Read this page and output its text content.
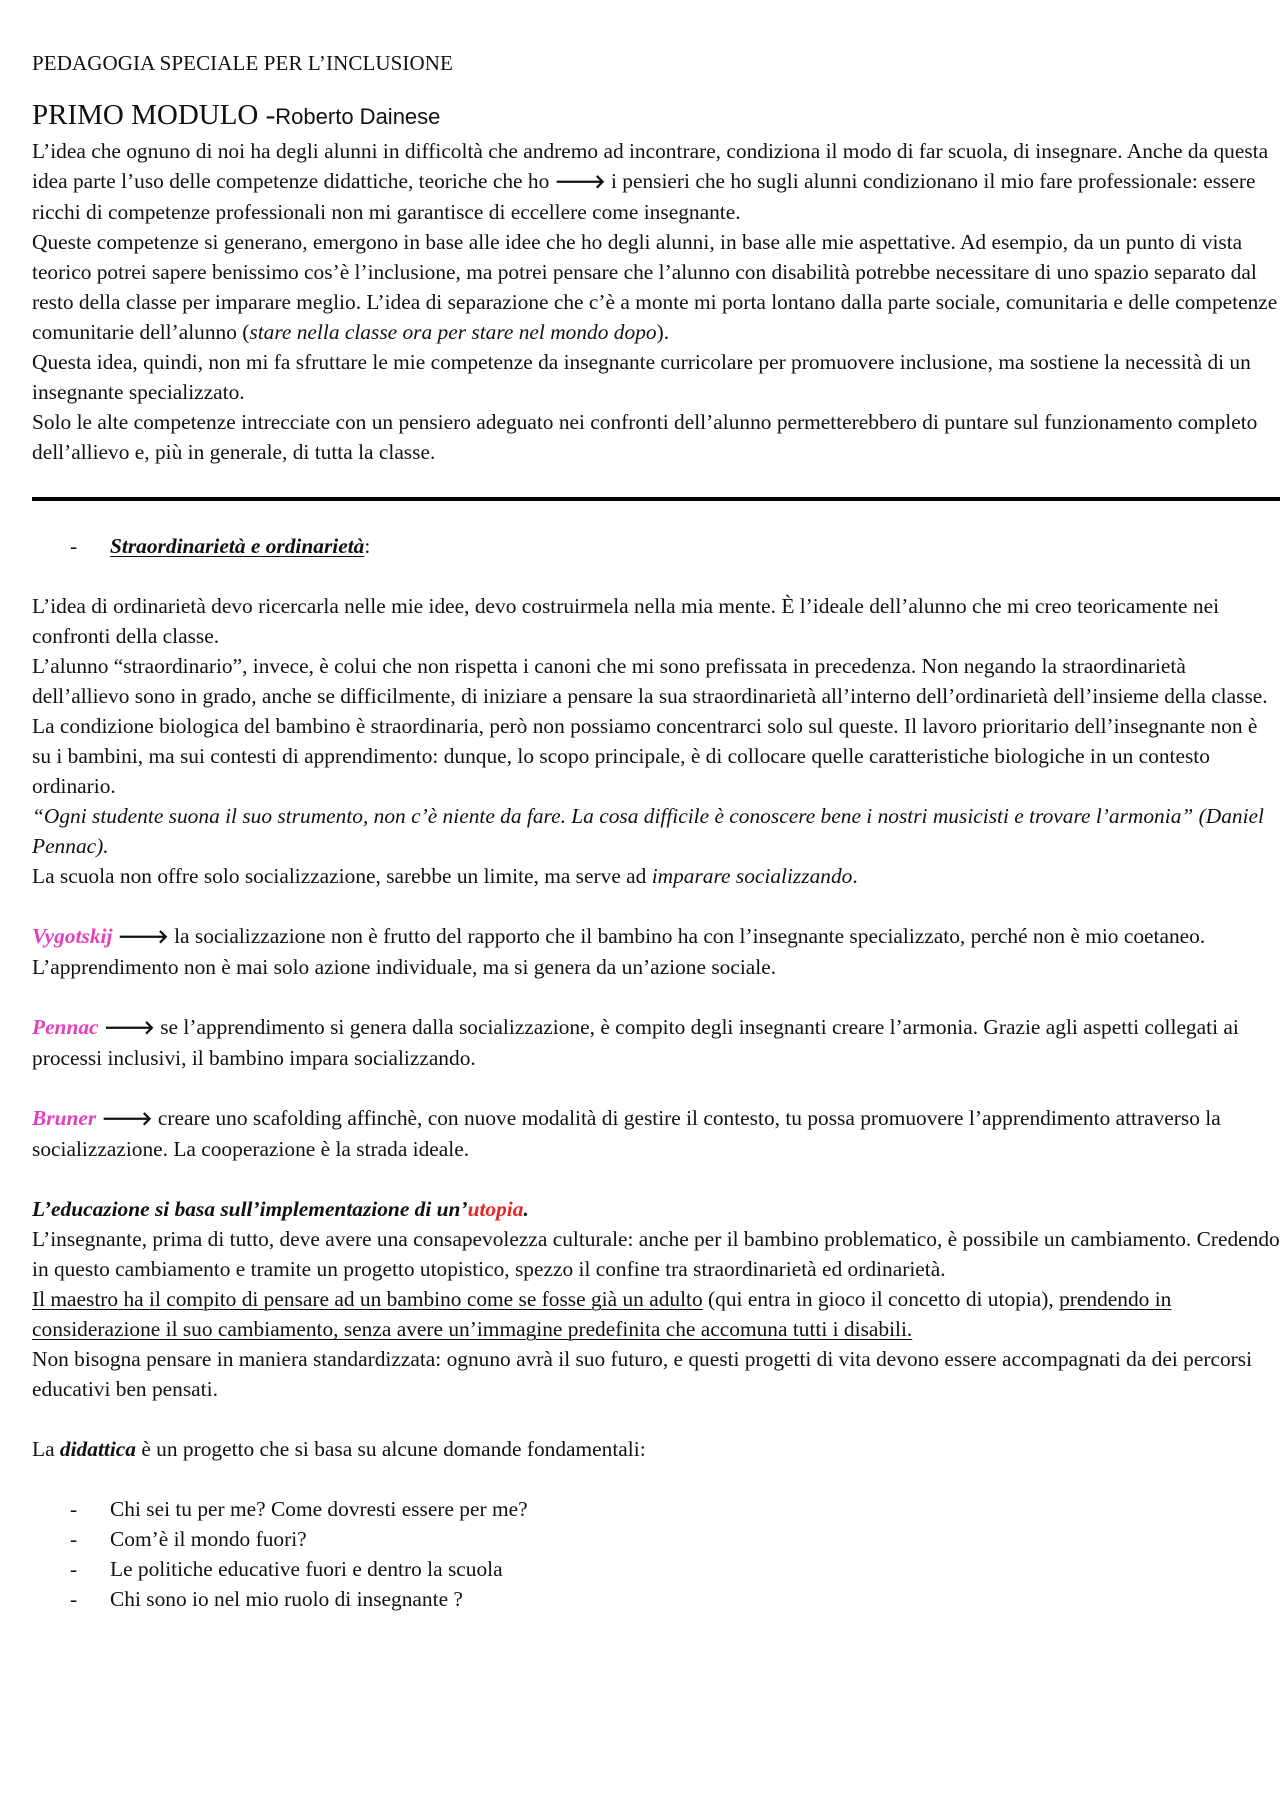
PEDAGOGIA SPECIALE PER L’INCLUSIONE

PRIMO MODULO -Roberto Dainese

L’idea che ognuno di noi ha degli alunni in difficoltà che andremo ad incontrare, condiziona il modo di far scuola, di insegnare. Anche da questa idea parte l’uso delle competenze didattiche, teoriche che ho 🡒 i pensieri che ho sugli alunni condizionano il mio fare professionale: essere ricchi di competenze professionali non mi garantisce di eccellere come insegnante.

Queste competenze si generano, emergono in base alle idee che ho degli alunni, in base alle mie aspettative. Ad esempio, da un punto di vista teorico potrei sapere benissimo cos’è l’inclusione, ma potrei pensare che l’alunno con disabilità potrebbe necessitare di uno spazio separato dal resto della classe per imparare meglio. L’idea di separazione che c’è a monte mi porta lontano dalla parte sociale, comunitaria e delle competenze comunitarie dell’alunno (stare nella classe ora per stare nel mondo dopo).

Questa idea, quindi, non mi fa sfruttare le mie competenze da insegnante curricolare per promuovere inclusione, ma sostiene la necessità di un insegnante specializzato.

Solo le alte competenze intrecciate con un pensiero adeguato nei confronti dell’alunno permetterebbero di puntare sul funzionamento completo dell’allievo e, più in generale, di tutta la classe.

- Straordinarietà e ordinarietà:

L’idea di ordinarietà devo ricercarla nelle mie idee, devo costruirmela nella mia mente. È l’ideale dell’alunno che mi creo teoricamente nei confronti della classe.

L’alunno “straordinario”, invece, è colui che non rispetta i canoni che mi sono prefissata in precedenza. Non negando la straordinarietà dell’allievo sono in grado, anche se difficilmente, di iniziare a pensare la sua straordinarietà all’interno dell’ordinarietà dell’insieme della classe. La condizione biologica del bambino è straordinaria, però non possiamo concentrarci solo sul queste. Il lavoro prioritario dell’insegnante non è su i bambini, ma sui contesti di apprendimento: dunque, lo scopo principale, è di collocare quelle caratteristiche biologiche in un contesto ordinario.

“Ogni studente suona il suo strumento, non c’è niente da fare. La cosa difficile è conoscere bene i nostri musicisti e trovare l’armonia” (Daniel Pennac).

La scuola non offre solo socializzazione, sarebbe un limite, ma serve ad imparare socializzando.

Vygotskij 🡒 la socializzazione non è frutto del rapporto che il bambino ha con l’insegnante specializzato, perché non è mio coetaneo. L’apprendimento non è mai solo azione individuale, ma si genera da un’azione sociale.

Pennac 🡒 se l’apprendimento si genera dalla socializzazione, è compito degli insegnanti creare l’armonia. Grazie agli aspetti collegati ai processi inclusivi, il bambino impara socializzando.

Bruner 🡒 creare uno scafolding affinchè, con nuove modalità di gestire il contesto, tu possa promuovere l’apprendimento attraverso la socializzazione. La cooperazione è la strada ideale.

L’educazione si basa sull’implementazione di un’utopia.

L’insegnante, prima di tutto, deve avere una consapevolezza culturale: anche per il bambino problematico, è possibile un cambiamento. Credendo in questo cambiamento e tramite un progetto utopistico, spezzo il confine tra straordinarietà ed ordinarietà.

Il maestro ha il compito di pensare ad un bambino come se fosse già un adulto (qui entra in gioco il concetto di utopia), prendendo in considerazione il suo cambiamento, senza avere un’immagine predefinita che accomuna tutti i disabili.

Non bisogna pensare in maniera standardizzata: ognuno avrà il suo futuro, e questi progetti di vita devono essere accompagnati da dei percorsi educativi ben pensati.

La didattica è un progetto che si basa su alcune domande fondamentali:

- Chi sei tu per me? Come dovresti essere per me?

- Com’è il mondo fuori?

- Le politiche educative fuori e dentro la scuola

- Chi sono io nel mio ruolo di insegnante ?
